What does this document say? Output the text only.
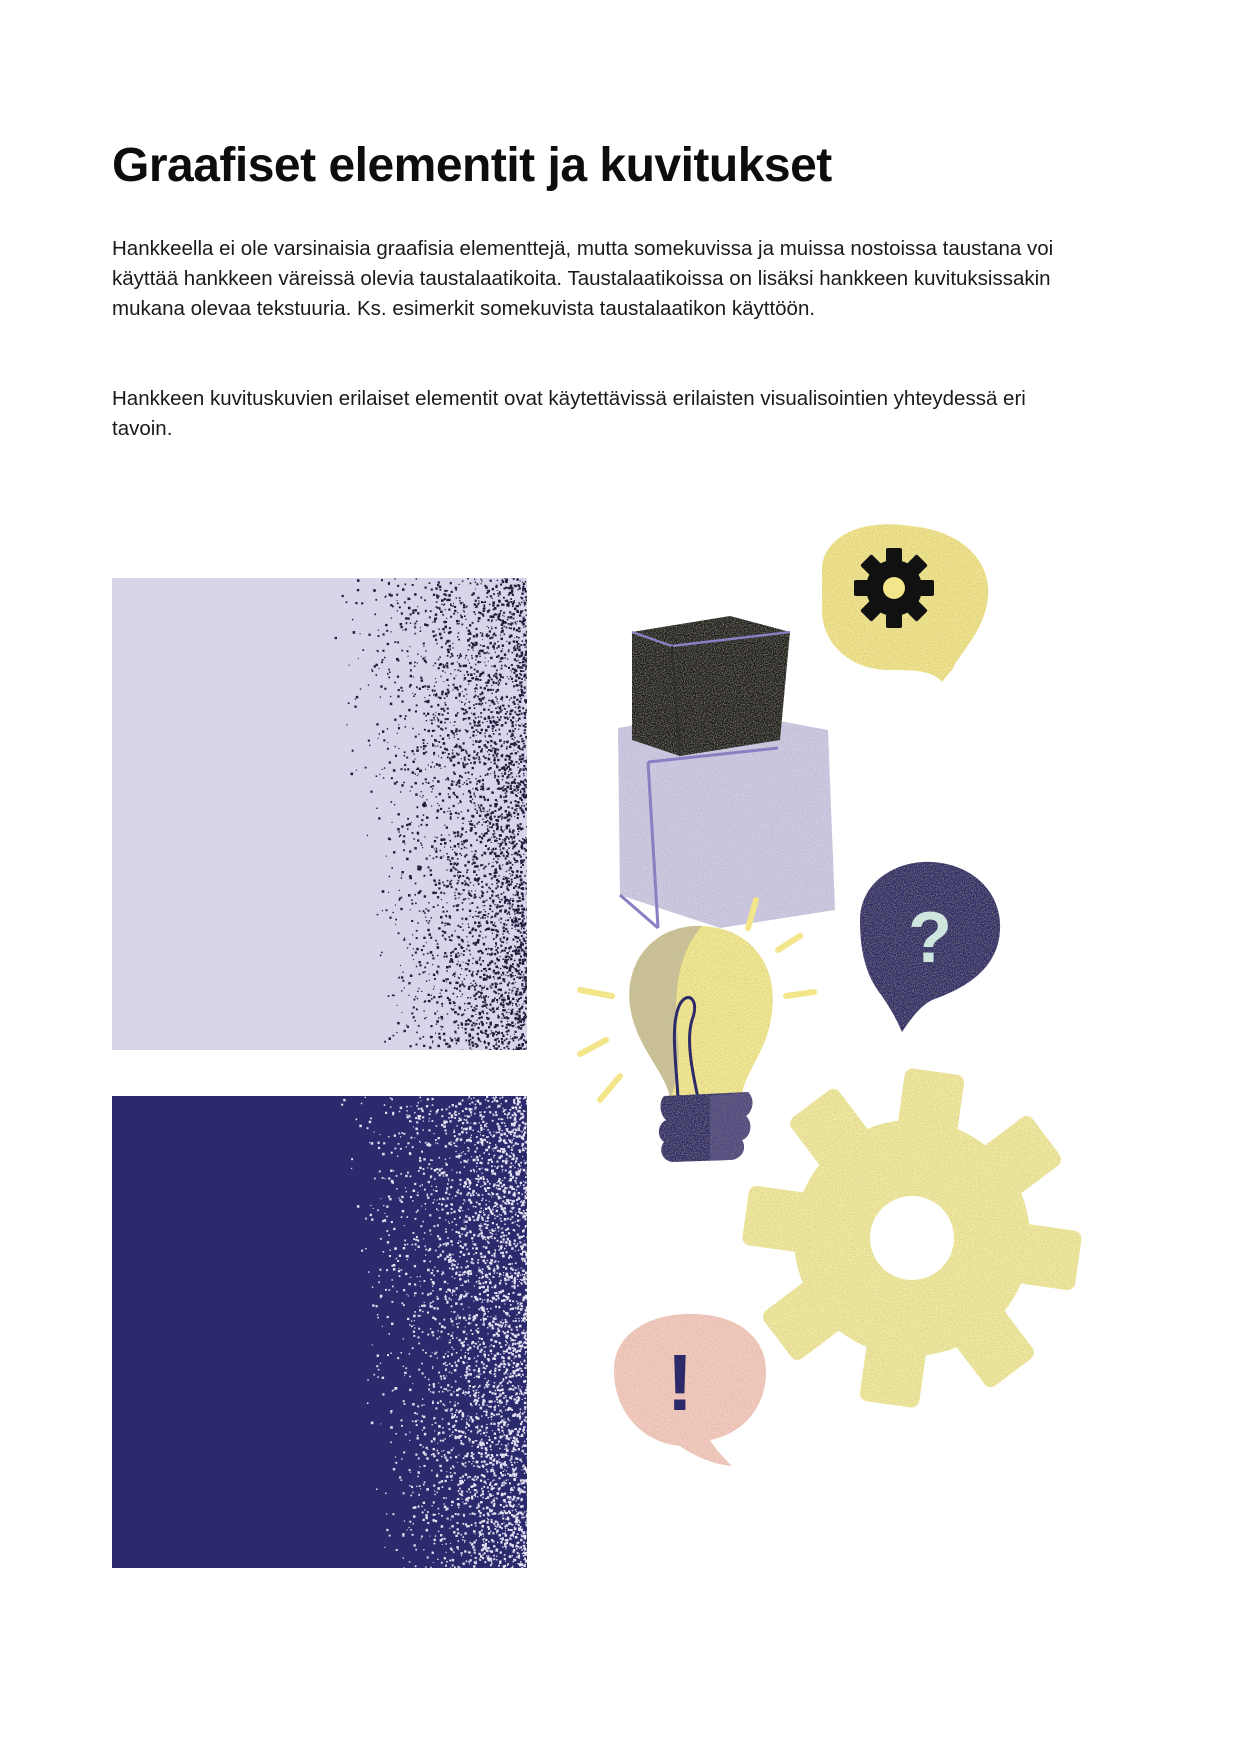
Graafiset elementit ja kuvitukset

Hankkeella ei ole varsinaisia graafisia elementtejä, mutta somekuvissa ja muissa nostoissa taustana voi käyttää hankkeen väreissä olevia taustalaatikoita. Taustalaatikoissa on lisäksi hankkeen kuvituksissakin mukana olevaa tekstuuria. Ks. esimerkit somekuvista taustalaatikon käyttöön.

Hankkeen kuvituskuvien erilaiset elementit ovat käytettävissä erilaisten visualisointien yhteydessä eri tavoin.

?
!
